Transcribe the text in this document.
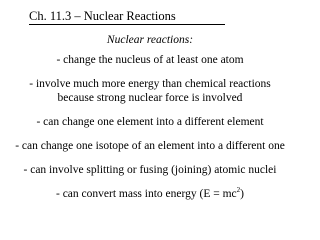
Ch. 11.3 – Nuclear Reactions
Nuclear reactions:
- change the nucleus of at least one atom
- involve much more energy than chemical reactions
because strong nuclear force is involved
- can change one element into a different element
- can change one isotope of an element into a different one
- can involve splitting or fusing (joining) atomic nuclei
- can convert mass into energy $(E = mc^2)$
